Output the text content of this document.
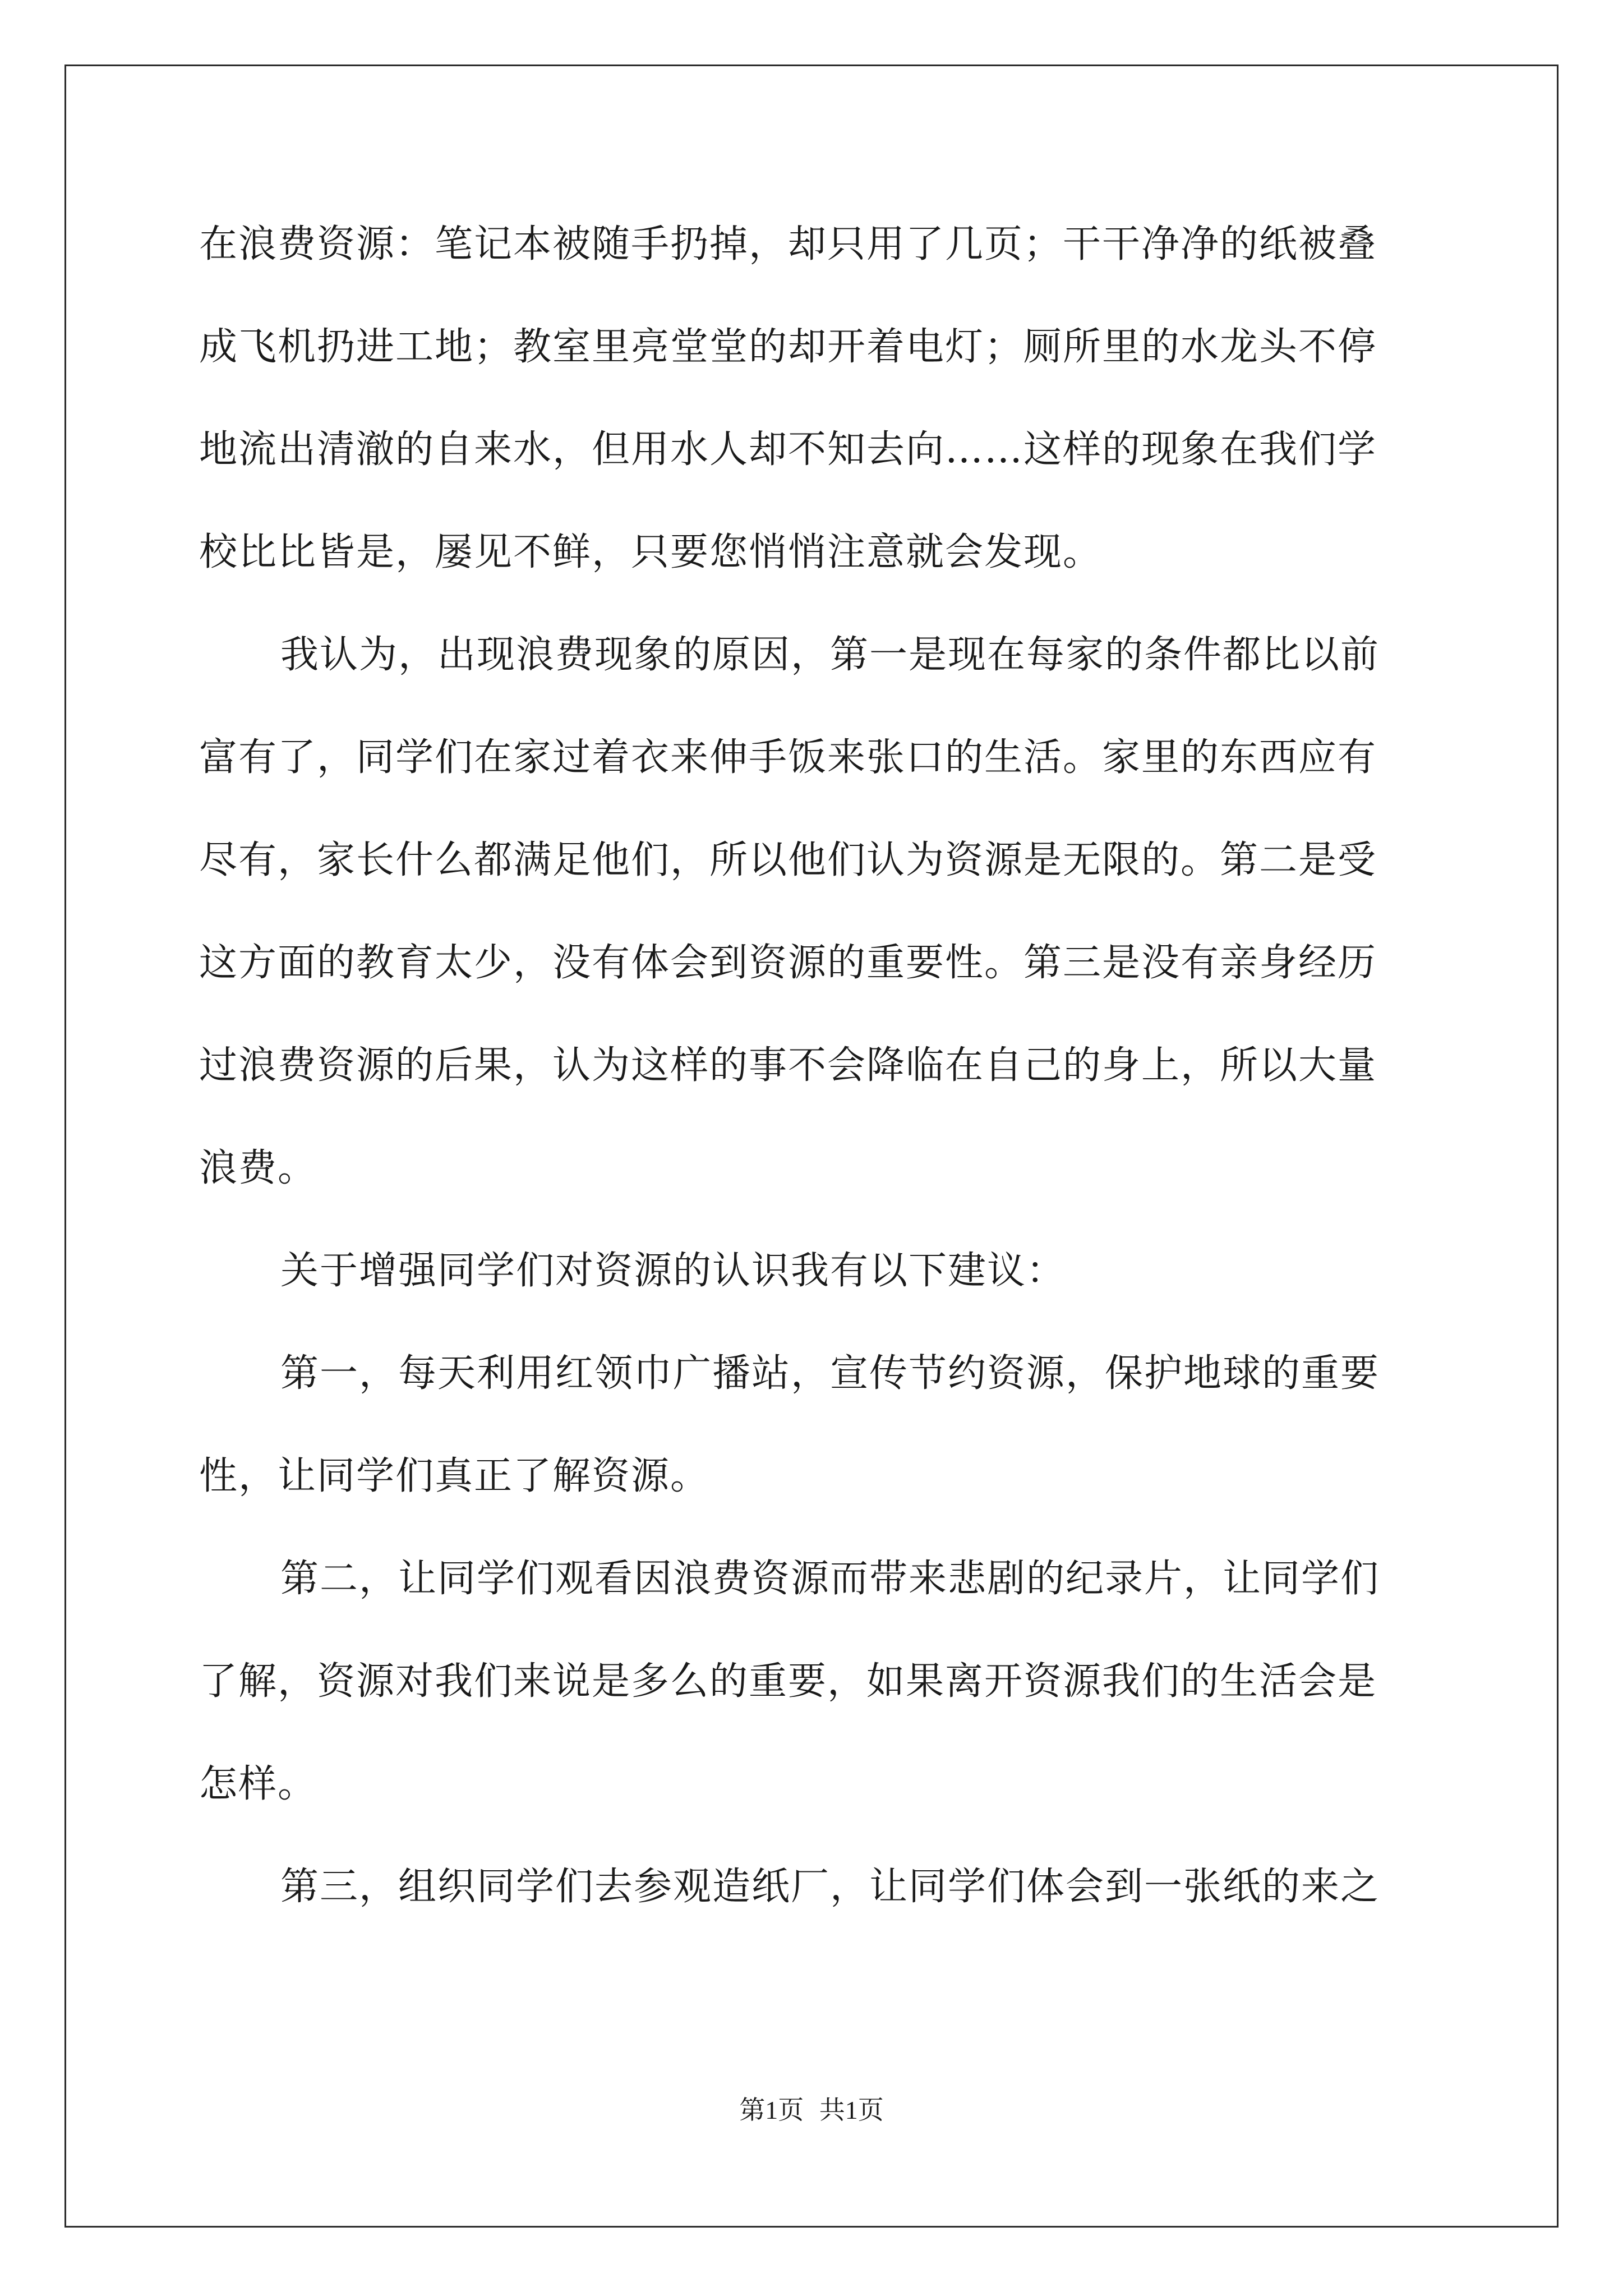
在浪费资源：笔记本被随手扔掉，却只用了几页；干干净净的纸被叠
成飞机扔进工地；教室里亮堂堂的却开着电灯；厕所里的水龙头不停
地流出清澈的自来水，但用水人却不知去向……这样的现象在我们学
校比比皆是，屡见不鲜，只要您悄悄注意就会发现。
我认为，出现浪费现象的原因，第一是现在每家的条件都比以前
富有了，同学们在家过着衣来伸手饭来张口的生活。家里的东西应有
尽有，家长什么都满足他们，所以他们认为资源是无限的。第二是受
这方面的教育太少，没有体会到资源的重要性。第三是没有亲身经历
过浪费资源的后果，认为这样的事不会降临在自己的身上，所以大量
浪费。
关于增强同学们对资源的认识我有以下建议：
第一，每天利用红领巾广播站，宣传节约资源，保护地球的重要
性，让同学们真正了解资源。
第二，让同学们观看因浪费资源而带来悲剧的纪录片，让同学们
了解，资源对我们来说是多么的重要，如果离开资源我们的生活会是
怎样。
第三，组织同学们去参观造纸厂，让同学们体会到一张纸的来之
第1页 共1页
